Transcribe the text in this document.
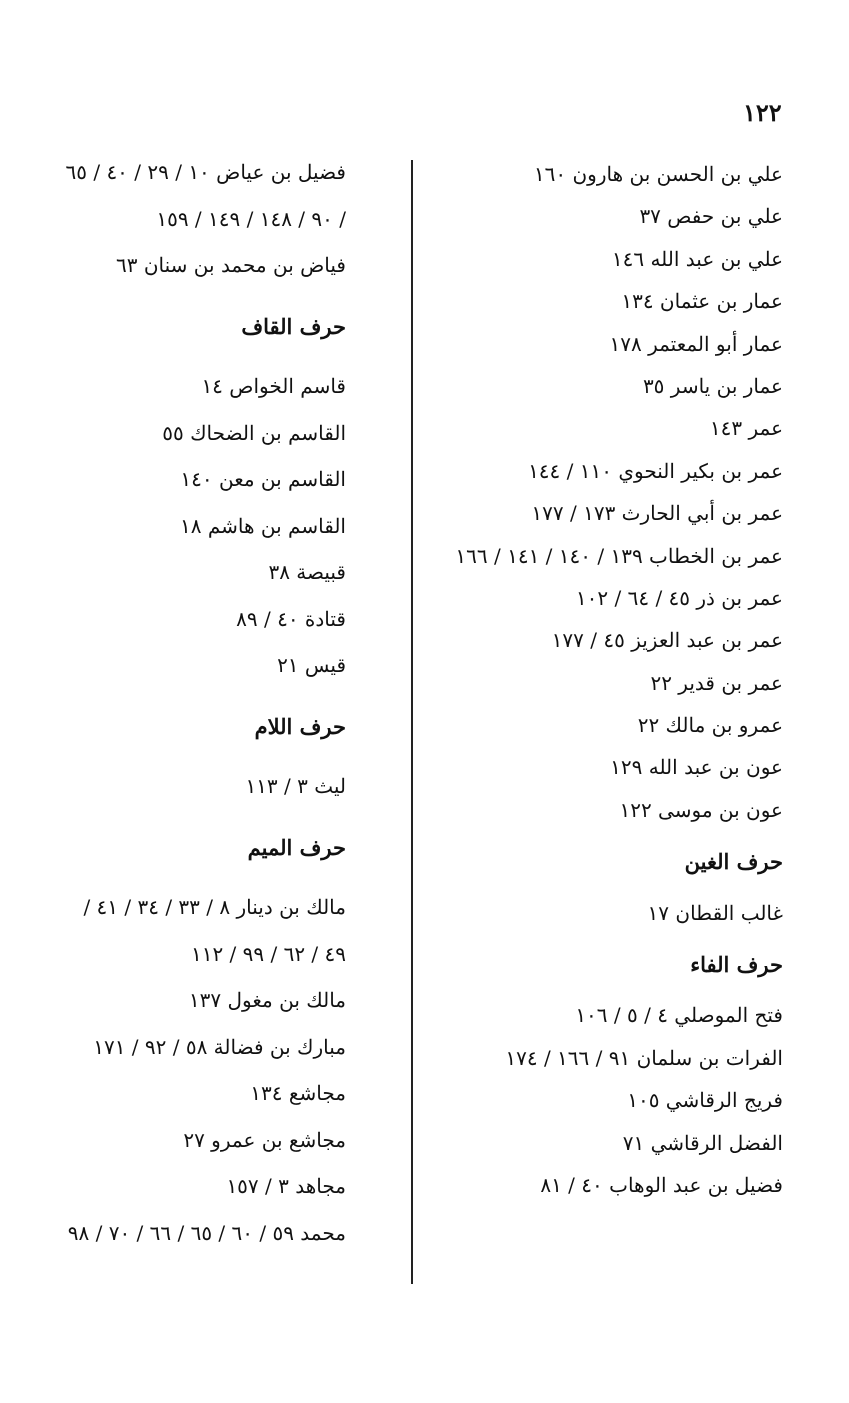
١٢٢
علي بن الحسن بن هارون ١٦٠
علي بن حفص ٣٧
علي بن عبد الله ١٤٦
عمار بن عثمان ١٣٤
عمار أبو المعتمر ١٧٨
عمار بن ياسر ٣٥
عمر ١٤٣
عمر بن بكير النحوي ١١٠ / ١٤٤
عمر بن أبي الحارث ١٧٣ / ١٧٧
عمر بن الخطاب ١٣٩ / ١٤٠ / ١٤١ / ١٦٦
عمر بن ذر ٤٥ / ٦٤ / ١٠٢
عمر بن عبد العزيز ٤٥ / ١٧٧
عمر بن قدير ٢٢
عمرو بن مالك ٢٢
عون بن عبد الله ١٢٩
عون بن موسى ١٢٢
حرف الغين
غالب القطان ١٧
حرف الفاء
فتح الموصلي ٤ / ٥ / ١٠٦
الفرات بن سلمان ٩١ / ١٦٦ / ١٧٤
فريج الرقاشي ١٠٥
الفضل الرقاشي ٧١
فضيل بن عبد الوهاب ٤٠ / ٨١
فضيل بن عياض ١٠ / ٢٩ / ٤٠ / ٦٥
/ ٩٠ / ١٤٨ / ١٤٩ / ١٥٩
فياض بن محمد بن سنان ٦٣
حرف القاف
قاسم الخواص ١٤
القاسم بن الضحاك ٥٥
القاسم بن معن ١٤٠
القاسم بن هاشم ١٨
قبيصة ٣٨
قتادة ٤٠ / ٨٩
قيس ٢١
حرف اللام
ليث ٣ / ١١٣
حرف الميم
مالك بن دينار ٨ / ٣٣ / ٣٤ / ٤١ /
٤٩ / ٦٢ / ٩٩ / ١١٢
مالك بن مغول ١٣٧
مبارك بن فضالة ٥٨ / ٩٢ / ١٧١
مجاشع ١٣٤
مجاشع بن عمرو ٢٧
مجاهد ٣ / ١٥٧
محمد ٥٩ / ٦٠ / ٦٥ / ٦٦ / ٧٠ / ٩٨
